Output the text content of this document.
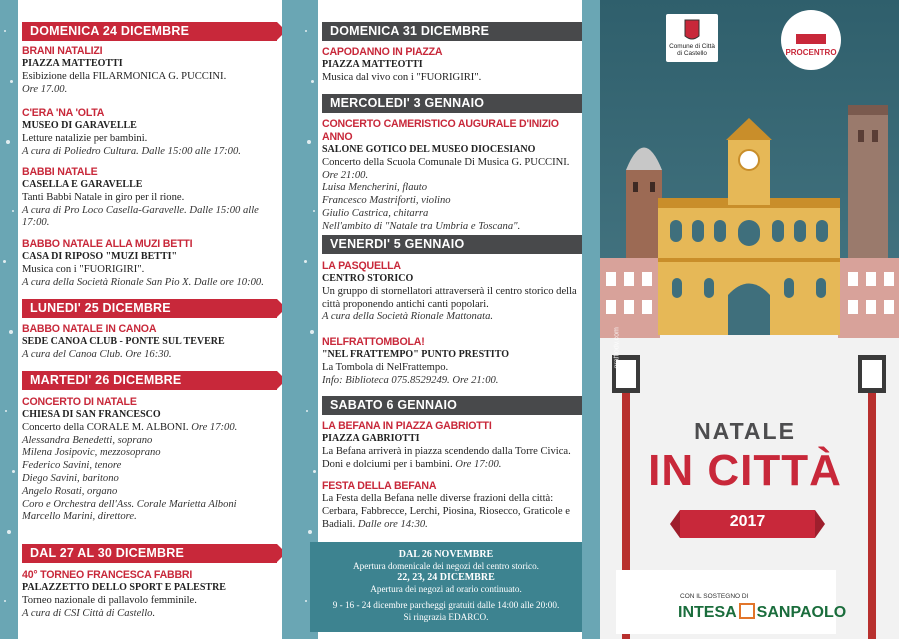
DOMENICA 24 DICEMBRE
BRANI NATALIZI
PIAZZA MATTEOTTI
Esibizione della FILARMONICA G. PUCCINI.
Ore 17.00.
C'ERA 'NA 'OLTA
MUSEO DI GARAVELLE
Letture natalizie per bambini.
A cura di Poliedro Cultura. Dalle 15:00 alle 17:00.
BABBI NATALE
CASELLA E GARAVELLE
Tanti Babbi Natale in giro per il rione.
A cura di Pro Loco Casella-Garavelle. Dalle 15:00 alle 17:00.
BABBO NATALE ALLA MUZI BETTI
CASA DI RIPOSO "MUZI BETTI"
Musica con i "FUORIGIRI".
A cura della Società Rionale San Pio X. Dalle ore 10:00.
LUNEDI' 25 DICEMBRE
BABBO NATALE IN CANOA
SEDE CANOA CLUB - PONTE SUL TEVERE
A cura del Canoa Club. Ore 16:30.
MARTEDI' 26 DICEMBRE
CONCERTO DI NATALE
CHIESA DI SAN FRANCESCO
Concerto della CORALE M. ALBONI. Ore 17:00.
Alessandra Benedetti, soprano
Milena Josipovic, mezzosoprano
Federico Savini, tenore
Diego Savini, baritono
Angelo Rosati, organo
Coro e Orchestra dell'Ass. Corale Marietta Alboni
Marcello Marini, direttore.
DAL 27 AL 30 DICEMBRE
40° TORNEO FRANCESCA FABBRI
PALAZZETTO DELLO SPORT E PALESTRE
Torneo nazionale di pallavolo femminile.
A cura di CSI Città di Castello.
DOMENICA 31 DICEMBRE
CAPODANNO IN PIAZZA
PIAZZA MATTEOTTI
Musica dal vivo con i "FUORIGIRI".
MERCOLEDI' 3 GENNAIO
CONCERTO CAMERISTICO AUGURALE D'INIZIO ANNO
SALONE GOTICO DEL MUSEO DIOCESIANO
Concerto della Scuola Comunale Di Musica G. PUCCINI. Ore 21:00.
Luisa Mencherini, flauto
Francesco Mastriforti, violino
Giulio Castrica, chitarra
Nell'ambito di "Natale tra Umbria e Toscana".
VENERDI' 5 GENNAIO
LA PASQUELLA
CENTRO STORICO
Un gruppo di stornellatori attraverserà il centro storico della città proponendo antichi canti popolari.
A cura della Società Rionale Mattonata.
NELFRATTOMBOLA!
"NEL FRATTEMPO" PUNTO PRESTITO
La Tombola di NelFrattempo.
Info: Biblioteca 075.8529249. Ore 21:00.
SABATO 6 GENNAIO
LA BEFANA IN PIAZZA GABRIOTTI
PIAZZA GABRIOTTI
La Befana arriverà in piazza scendendo dalla Torre Civica. Doni e dolciumi per i bambini. Ore 17:00.
FESTA DELLA BEFANA
La Festa della Befana nelle diverse frazioni della città: Cerbara, Fabbrecce, Lerchi, Piosina, Riosecco, Graticole e Badiali. Dalle ore 14:30.
DAL 26 NOVEMBRE
Apertura domenicale dei negozi del centro storico.
22, 23, 24 DICEMBRE
Apertura dei negozi ad orario continuato.
9 - 16 - 24 dicembre parcheggi gratuiti dalle 14:00 alle 20:00.
Si ringrazia EDARCO.
Comune di Città di Castello	PROCENTRO
graffiodv.com
NATALE
IN CITTÀ
2017
CON IL SOSTEGNO DI
INTESA SANPAOLO
